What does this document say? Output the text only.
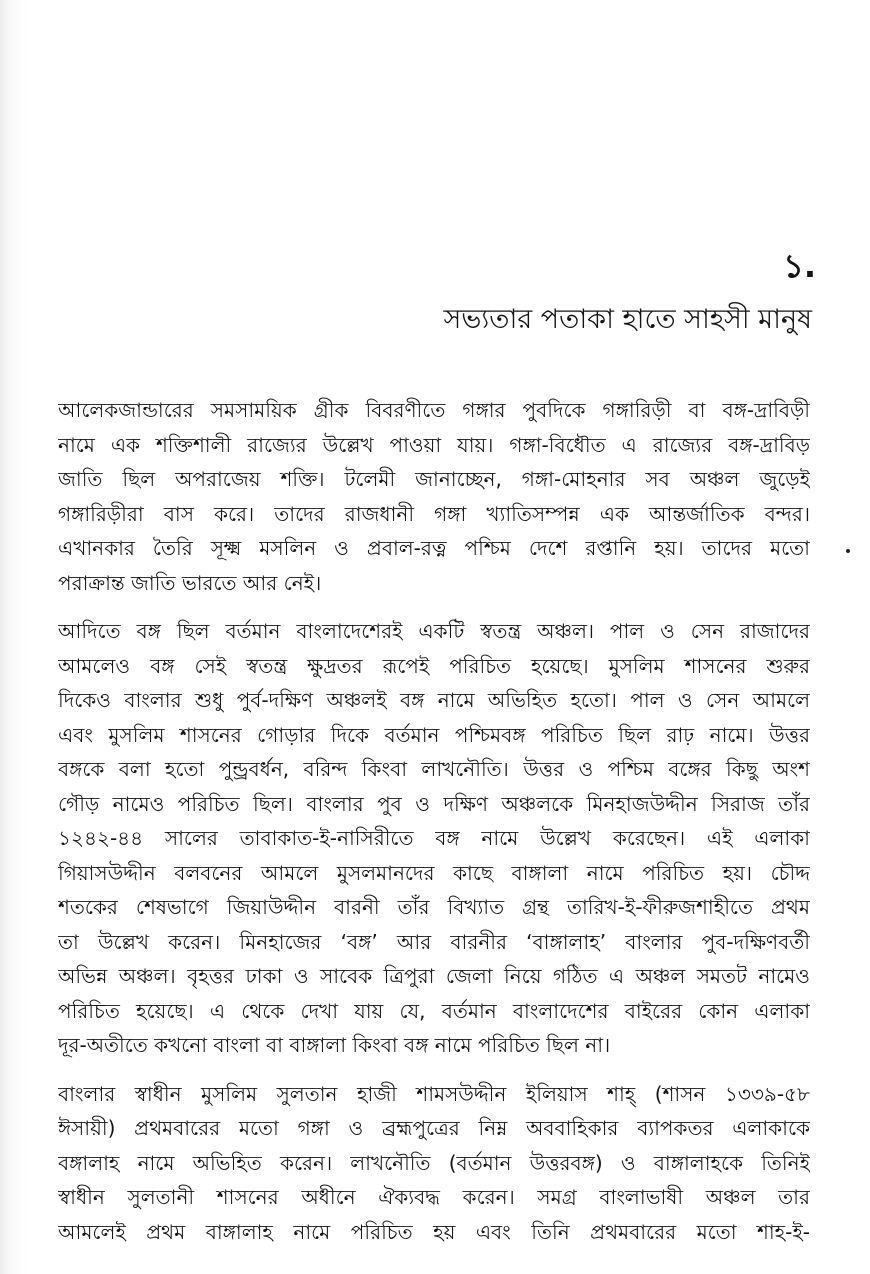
১.
সভ্যতার পতাকা হাতে সাহসী মানুষ
আলেকজান্ডারের সমসাময়িক গ্রীক বিবরণীতে গঙ্গার পুবদিকে গঙ্গারিড়ী বা বঙ্গ-দ্রাবিড়ী
নামে এক শক্তিশালী রাজ্যের উল্লেখ পাওয়া যায়। গঙ্গা-বিধৌত এ রাজ্যের বঙ্গ-দ্রাবিড়
জাতি ছিল অপরাজেয় শক্তি। টলেমী জানাচ্ছেন, গঙ্গা-মোহনার সব অঞ্চল জুড়েই
গঙ্গারিড়ীরা বাস করে। তাদের রাজধানী গঙ্গা খ্যাতিসম্পন্ন এক আন্তর্জাতিক বন্দর।
এখানকার তৈরি সূক্ষ্ম মসলিন ও প্রবাল-রত্ন পশ্চিম দেশে রপ্তানি হয়। তাদের মতো
পরাক্রান্ত জাতি ভারতে আর নেই।
আদিতে বঙ্গ ছিল বর্তমান বাংলাদেশেরই একটি স্বতন্ত্র অঞ্চল। পাল ও সেন রাজাদের
আমলেও বঙ্গ সেই স্বতন্ত্র ক্ষুদ্রতর রূপেই পরিচিত হয়েছে। মুসলিম শাসনের শুরুর
দিকেও বাংলার শুধু পুর্ব-দক্ষিণ অঞ্চলই বঙ্গ নামে অভিহিত হতো। পাল ও সেন আমলে
এবং মুসলিম শাসনের গোড়ার দিকে বর্তমান পশ্চিমবঙ্গ পরিচিত ছিল রাঢ় নামে। উত্তর
বঙ্গকে বলা হতো পুন্ড্রবর্ধন, বরিন্দ কিংবা লাখনৌতি। উত্তর ও পশ্চিম বঙ্গের কিছু অংশ
গৌড় নামেও পরিচিত ছিল। বাংলার পুব ও দক্ষিণ অঞ্চলকে মিনহাজউদ্দীন সিরাজ তাঁর
১২৪২-৪৪ সালের তাবাকাত-ই-নাসিরীতে বঙ্গ নামে উল্লেখ করেছেন। এই এলাকা
গিয়াসউদ্দীন বলবনের আমলে মুসলমানদের কাছে বাঙ্গালা নামে পরিচিত হয়। চৌদ্দ
শতকের শেষভাগে জিয়াউদ্দীন বারনী তাঁর বিখ্যাত গ্রন্থ তারিখ-ই-ফীরুজশাহীতে প্রথম
তা উল্লেখ করেন। মিনহাজের ‘বঙ্গ’ আর বারনীর ‘বাঙ্গালাহ’ বাংলার পুব-দক্ষিণবর্তী
অভিন্ন অঞ্চল। বৃহত্তর ঢাকা ও সাবেক ত্রিপুরা জেলা নিয়ে গঠিত এ অঞ্চল সমতট নামেও
পরিচিত হয়েছে। এ থেকে দেখা যায় যে, বর্তমান বাংলাদেশের বাইরের কোন এলাকা
দূর-অতীতে কখনো বাংলা বা বাঙ্গালা কিংবা বঙ্গ নামে পরিচিত ছিল না।
বাংলার স্বাধীন মুসলিম সুলতান হাজী শামসউদ্দীন ইলিয়াস শাহ্ (শাসন ১৩৩৯-৫৮
ঈসায়ী) প্রথমবারের মতো গঙ্গা ও ব্রহ্মপুত্রের নিম্ন অববাহিকার ব্যাপকতর এলাকাকে
বঙ্গালাহ নামে অভিহিত করেন। লাখনৌতি (বর্তমান উত্তরবঙ্গ) ও বাঙ্গালাহকে তিনিই
স্বাধীন সুলতানী শাসনের অধীনে ঐক্যবদ্ধ করেন। সমগ্র বাংলাভাষী অঞ্চল তার
আমলেই প্রথম বাঙ্গালাহ নামে পরিচিত হয় এবং তিনি প্রথমবারের মতো শাহ-ই-
